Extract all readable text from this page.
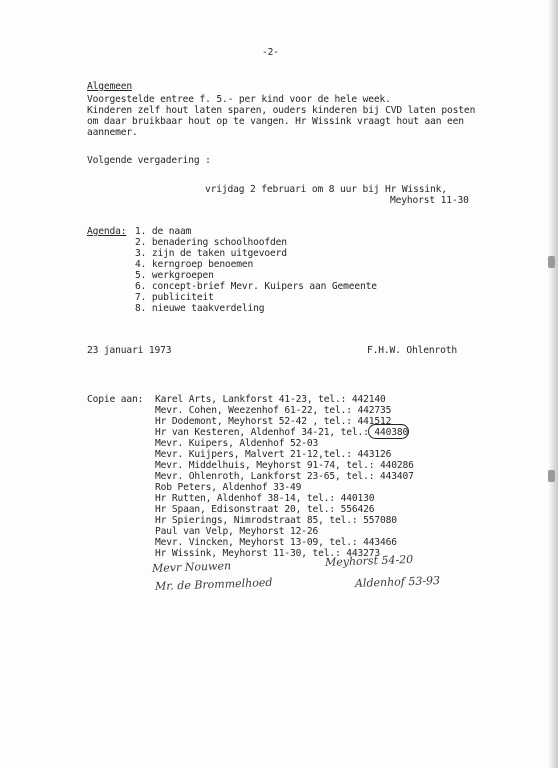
-2-
Algemeen
Voorgestelde entree f. 5.- per kind voor de hele week.
Kinderen zelf hout laten sparen, ouders kinderen bij CVD laten posten
om daar bruikbaar hout op te vangen. Hr Wissink vraagt hout aan een
aannemer.
Volgende vergadering :
vrijdag 2 februari om 8 uur bij Hr Wissink,
Meyhorst 11-30
Agenda: 1. de naam
2. benadering schoolhoofden
3. zijn de taken uitgevoerd
4. kerngroep benoemen
5. werkgroepen
6. concept-brief Mevr. Kuipers aan Gemeente
7. publiciteit
8. nieuwe taakverdeling
23 januari 1973	F.H.W. Ohlenroth
Copie aan: Karel Arts, Lankforst 41-23, tel.: 442140
Mevr. Cohen, Weezenhof 61-22, tel.: 442735
Hr Dodemont, Meyhorst 52-42 , tel.: 441512
Hr van Kesteren, Aldenhof 34-21, tel.: 440380
Mevr. Kuipers, Aldenhof 52-03
Mevr. Kuijpers, Malvert 21-12,tel.: 443126
Mevr. Middelhuis, Meyhorst 91-74, tel.: 440286
Mevr. Ohlenroth, Lankforst 23-65, tel.: 443407
Rob Peters, Aldenhof 33-49
Hr Rutten, Aldenhof 38-14, tel.: 440130
Hr Spaan, Edisonstraat 20, tel.: 556426
Hr Spierings, Nimrodstraat 85, tel.: 557080
Paul van Velp, Meyhorst 12-26
Mevr. Vincken, Meyhorst 13-09, tel.: 443466
Hr Wissink, Meyhorst 11-30, tel.: 443273
Mevr Nouwen	Meyhorst 54-20
Mr. de Brommelhoed	Aldenhof 53-93
